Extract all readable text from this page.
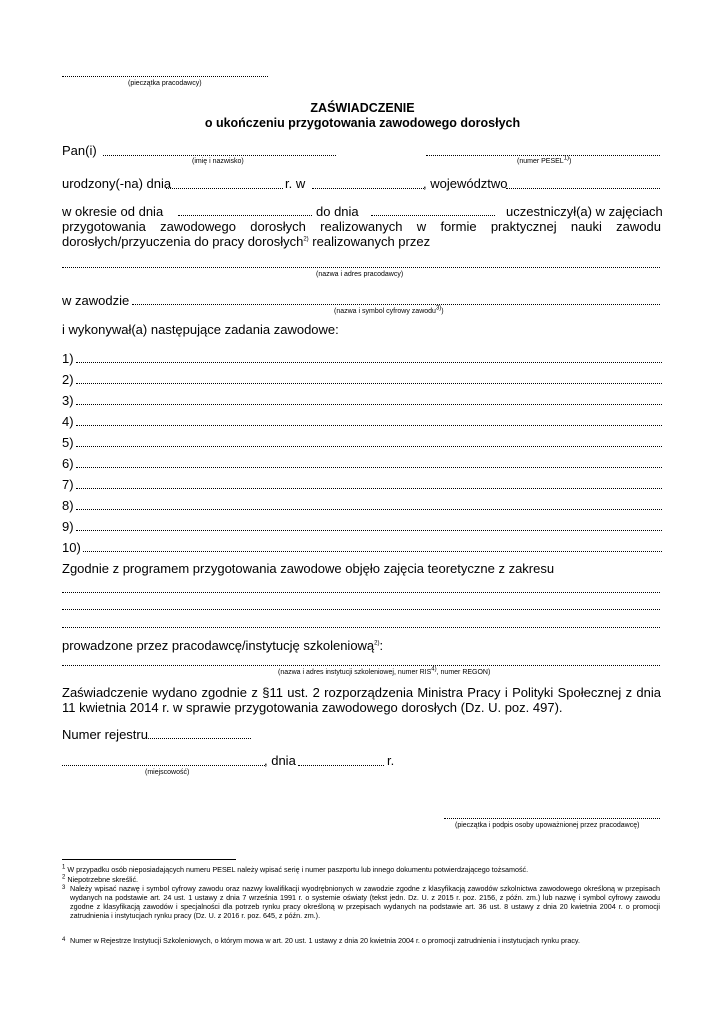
(pieczątka pracodawcy)
ZAŚWIADCZENIE
o ukończeniu przygotowania zawodowego dorosłych
Pan(i)
(imię i nazwisko)	(numer PESEL$^{1)}$)
urodzony(-na) dnia	r. w	, województwo
w okresie od dnia	do dnia	uczestniczył(a) w zajęciach
przygotowania zawodowego dorosłych realizowanych w formie praktycznej nauki zawodu
dorosłych/przyuczenia do pracy dorosłych$^{2)}$ realizowanych przez
(nazwa i adres pracodawcy)
w zawodzie
(nazwa i symbol cyfrowy zawodu$^{3)}$)
i wykonywał(a) następujące zadania zawodowe:
1)
2)
3)
4)
5)
6)
7)
8)
9)
10)
Zgodnie z programem przygotowania zawodowe objęło zajęcia teoretyczne z zakresu
prowadzone przez pracodawcę/instytucję szkoleniową$^{2)}$:
(nazwa i adres instytucji szkoleniowej, numer RIS$^{4)}$, numer REGON)
Zaświadczenie wydano zgodnie z §11 ust. 2 rozporządzenia Ministra Pracy i Polityki Społecznej z dnia
11 kwietnia 2014 r. w sprawie przygotowania zawodowego dorosłych (Dz. U. poz. 497).
Numer rejestru
, dnia	r.
(miejscowość)
(pieczątka i podpis osoby upoważnionej przez pracodawcę)
$^1$ W przypadku osób nieposiadających numeru PESEL należy wpisać serię i numer paszportu lub innego dokumentu potwierdzającego tożsamość.
$^2$ Niepotrzebne skreślić.
3 Należy wpisać nazwę i symbol cyfrowy zawodu oraz nazwy kwalifikacji wyodrębnionych w zawodzie zgodne z klasyfikacją zawodów szkolnictwa zawodowego określoną w przepisach wydanych na podstawie art. 24 ust. 1 ustawy z dnia 7 września 1991 r. o systemie oświaty (tekst jedn. Dz. U. z 2015 r. poz. 2156, z późn. zm.) lub nazwę i symbol cyfrowy zawodu zgodne z klasyfikacją zawodów i specjalności dla potrzeb rynku pracy określoną w przepisach wydanych na podstawie art. 36 ust. 8 ustawy z dnia 20 kwietnia 2004 r. o promocji zatrudnienia i instytucjach rynku pracy (Dz. U. z 2016 r. poz. 645, z późn. zm.).
4 Numer w Rejestrze Instytucji Szkoleniowych, o którym mowa w art. 20 ust. 1 ustawy z dnia 20 kwietnia 2004 r. o promocji zatrudnienia i instytucjach rynku pracy.
